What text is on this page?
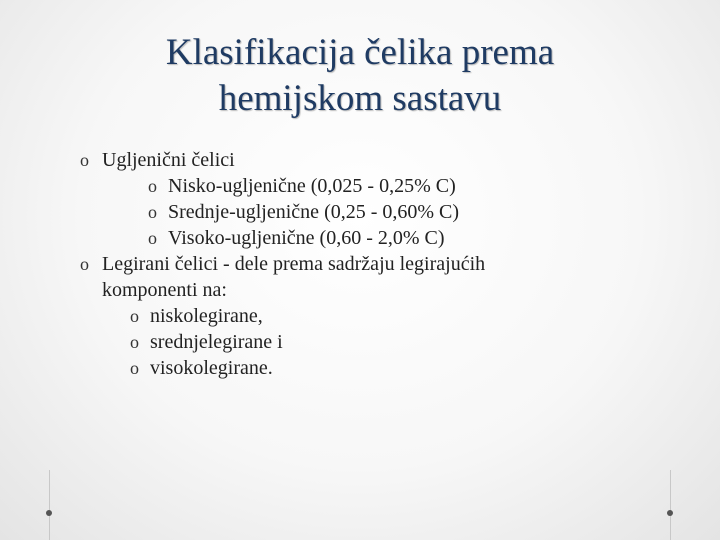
Klasifikacija čelika prema
hemijskom sastavu
o Ugljenični čelici
o Nisko-ugljenične (0,025 - 0,25% C)
o Srednje-ugljenične (0,25 - 0,60% C)
o Visoko-ugljenične (0,60 - 2,0% C)
o Legirani čelici - dele prema sadržaju legirajućih
komponenti na:
o niskolegirane,
o srednjelegirane i
o visokolegirane.
